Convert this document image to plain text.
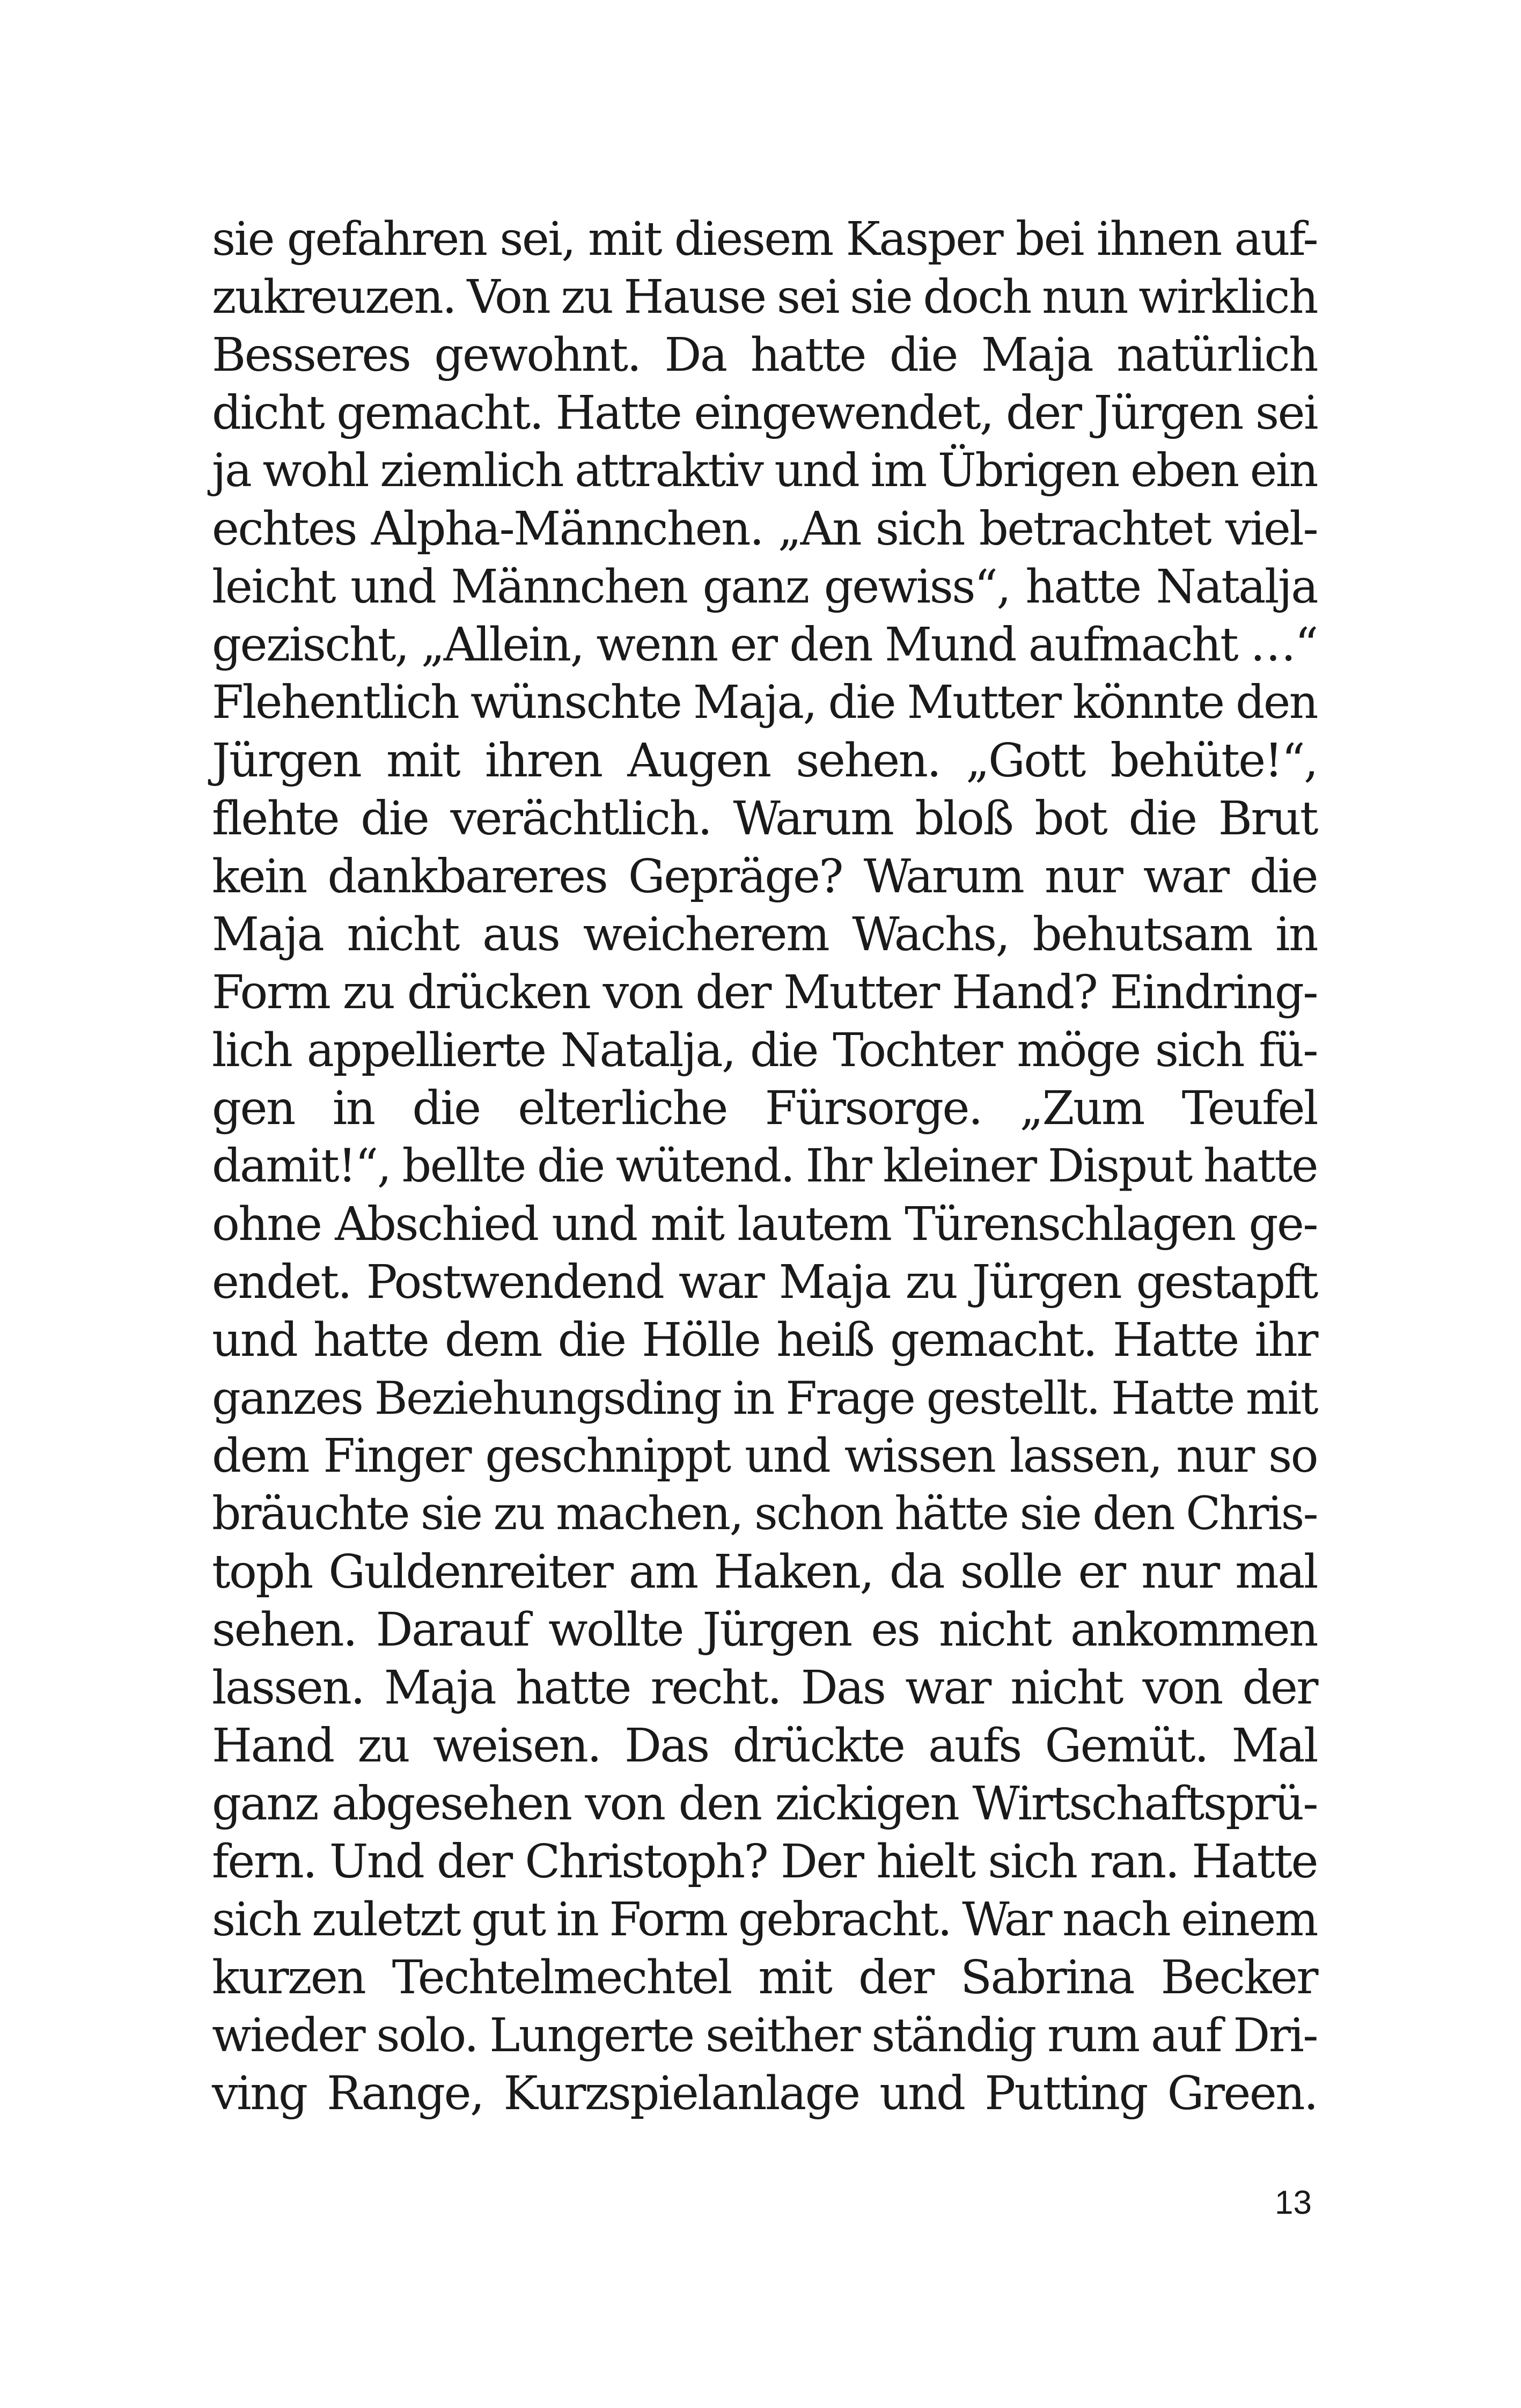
sie gefahren sei, mit diesem Kasper bei ihnen auf-
zukreuzen. Von zu Hause sei sie doch nun wirklich
Besseres gewohnt. Da hatte die Maja natürlich
dicht gemacht. Hatte eingewendet, der Jürgen sei
ja wohl ziemlich attraktiv und im Übrigen eben ein
echtes Alpha-Männchen. „An sich betrachtet viel-
leicht und Männchen ganz gewiss“, hatte Natalja
gezischt, „Allein, wenn er den Mund aufmacht …“
Flehentlich wünschte Maja, die Mutter könnte den
Jürgen mit ihren Augen sehen. „Gott behüte!“,
flehte die verächtlich. Warum bloß bot die Brut
kein dankbareres Gepräge? Warum nur war die
Maja nicht aus weicherem Wachs, behutsam in
Form zu drücken von der Mutter Hand? Eindring-
lich appellierte Natalja, die Tochter möge sich fü-
gen in die elterliche Fürsorge. „Zum Teufel
damit!“, bellte die wütend. Ihr kleiner Disput hatte
ohne Abschied und mit lautem Türenschlagen ge-
endet. Postwendend war Maja zu Jürgen gestapft
und hatte dem die Hölle heiß gemacht. Hatte ihr
ganzes Beziehungsding in Frage gestellt. Hatte mit
dem Finger geschnippt und wissen lassen, nur so
bräuchte sie zu machen, schon hätte sie den Chris-
toph Guldenreiter am Haken, da solle er nur mal
sehen. Darauf wollte Jürgen es nicht ankommen
lassen. Maja hatte recht. Das war nicht von der
Hand zu weisen. Das drückte aufs Gemüt. Mal
ganz abgesehen von den zickigen Wirtschaftsprü-
fern. Und der Christoph? Der hielt sich ran. Hatte
sich zuletzt gut in Form gebracht. War nach einem
kurzen Techtelmechtel mit der Sabrina Becker
wieder solo. Lungerte seither ständig rum auf Dri-
ving Range, Kurzspielanlage und Putting Green.
13
